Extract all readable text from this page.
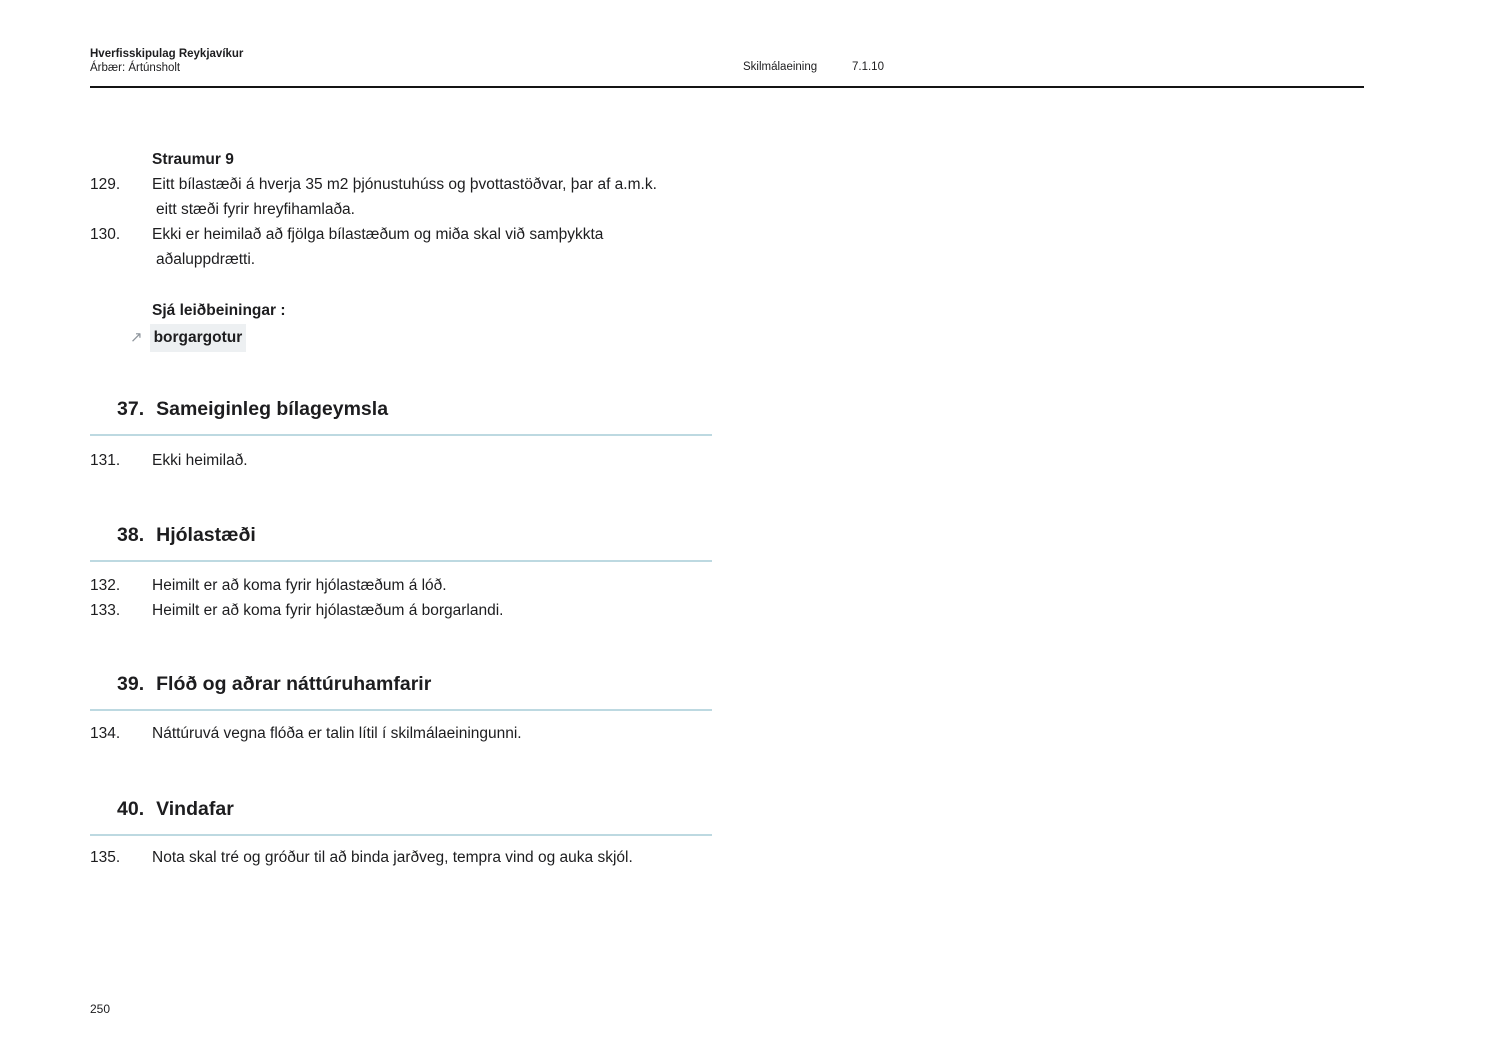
Hverfisskipulag Reykjavíkur
Árbær: Ártúnsholt	Skilmálaeining	7.1.10
Straumur 9
129.	Eitt bílastæði á hverja 35 m2 þjónustuhúss og þvottastöðvar, þar af a.m.k.
eitt stæði fyrir hreyfihamlaða.
130.	Ekki er heimilað að fjölga bílastæðum og miða skal við samþykkta
aðaluppdrætti.
Sjá leiðbeiningar :
↗ borgargotur
37. Sameiginleg bílageymsla
131.	Ekki heimilað.
38. Hjólastæði
132.	Heimilt er að koma fyrir hjólastæðum á lóð.
133.	Heimilt er að koma fyrir hjólastæðum á borgarlandi.
39. Flóð og aðrar náttúruhamfarir
134.	Náttúruvá vegna flóða er talin lítil í skilmálaeiningunni.
40. Vindafar
135.	Nota skal tré og gróður til að binda jarðveg, tempra vind og auka skjól.
250
